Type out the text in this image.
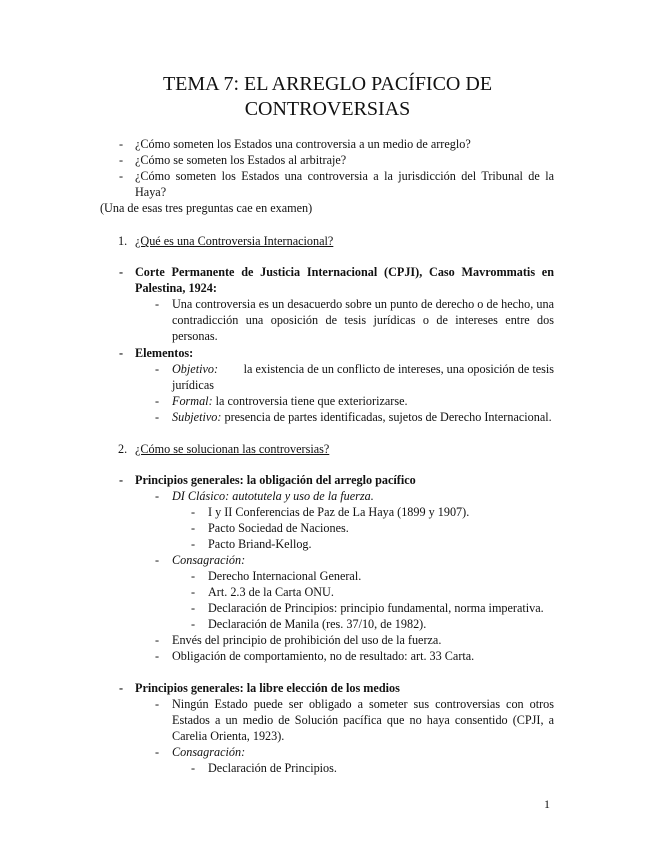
TEMA 7: EL ARREGLO PACÍFICO DE
CONTROVERSIAS
- ¿Cómo someten los Estados una controversia a un medio de arreglo?
- ¿Cómo se someten los Estados al arbitraje?
- ¿Cómo someten los Estados una controversia a la jurisdicción del Tribunal de la
Haya?
(Una de esas tres preguntas cae en examen)
1. ¿Qué es una Controversia Internacional?
- Corte Permanente de Justicia Internacional (CPJI), Caso Mavrommatis en
Palestina, 1924:
- Una controversia es un desacuerdo sobre un punto de derecho o de hecho, una
contradicción una oposición de tesis jurídicas o de intereses entre dos
personas.
- Elementos:
- Objetivo: la existencia de un conflicto de intereses, una oposición de tesis
jurídicas
- Formal: la controversia tiene que exteriorizarse.
- Subjetivo: presencia de partes identificadas, sujetos de Derecho Internacional.
2. ¿Cómo se solucionan las controversias?
- Principios generales: la obligación del arreglo pacífico
- DI Clásico: autotutela y uso de la fuerza.
- I y II Conferencias de Paz de La Haya (1899 y 1907).
- Pacto Sociedad de Naciones.
- Pacto Briand-Kellog.
- Consagración:
- Derecho Internacional General.
- Art. 2.3 de la Carta ONU.
- Declaración de Principios: principio fundamental, norma imperativa.
- Declaración de Manila (res. 37/10, de 1982).
- Envés del principio de prohibición del uso de la fuerza.
- Obligación de comportamiento, no de resultado: art. 33 Carta.
- Principios generales: la libre elección de los medios
- Ningún Estado puede ser obligado a someter sus controversias con otros
Estados a un medio de Solución pacífica que no haya consentido (CPJI, a
Carelia Orienta, 1923).
- Consagración:
- Declaración de Principios.
1
